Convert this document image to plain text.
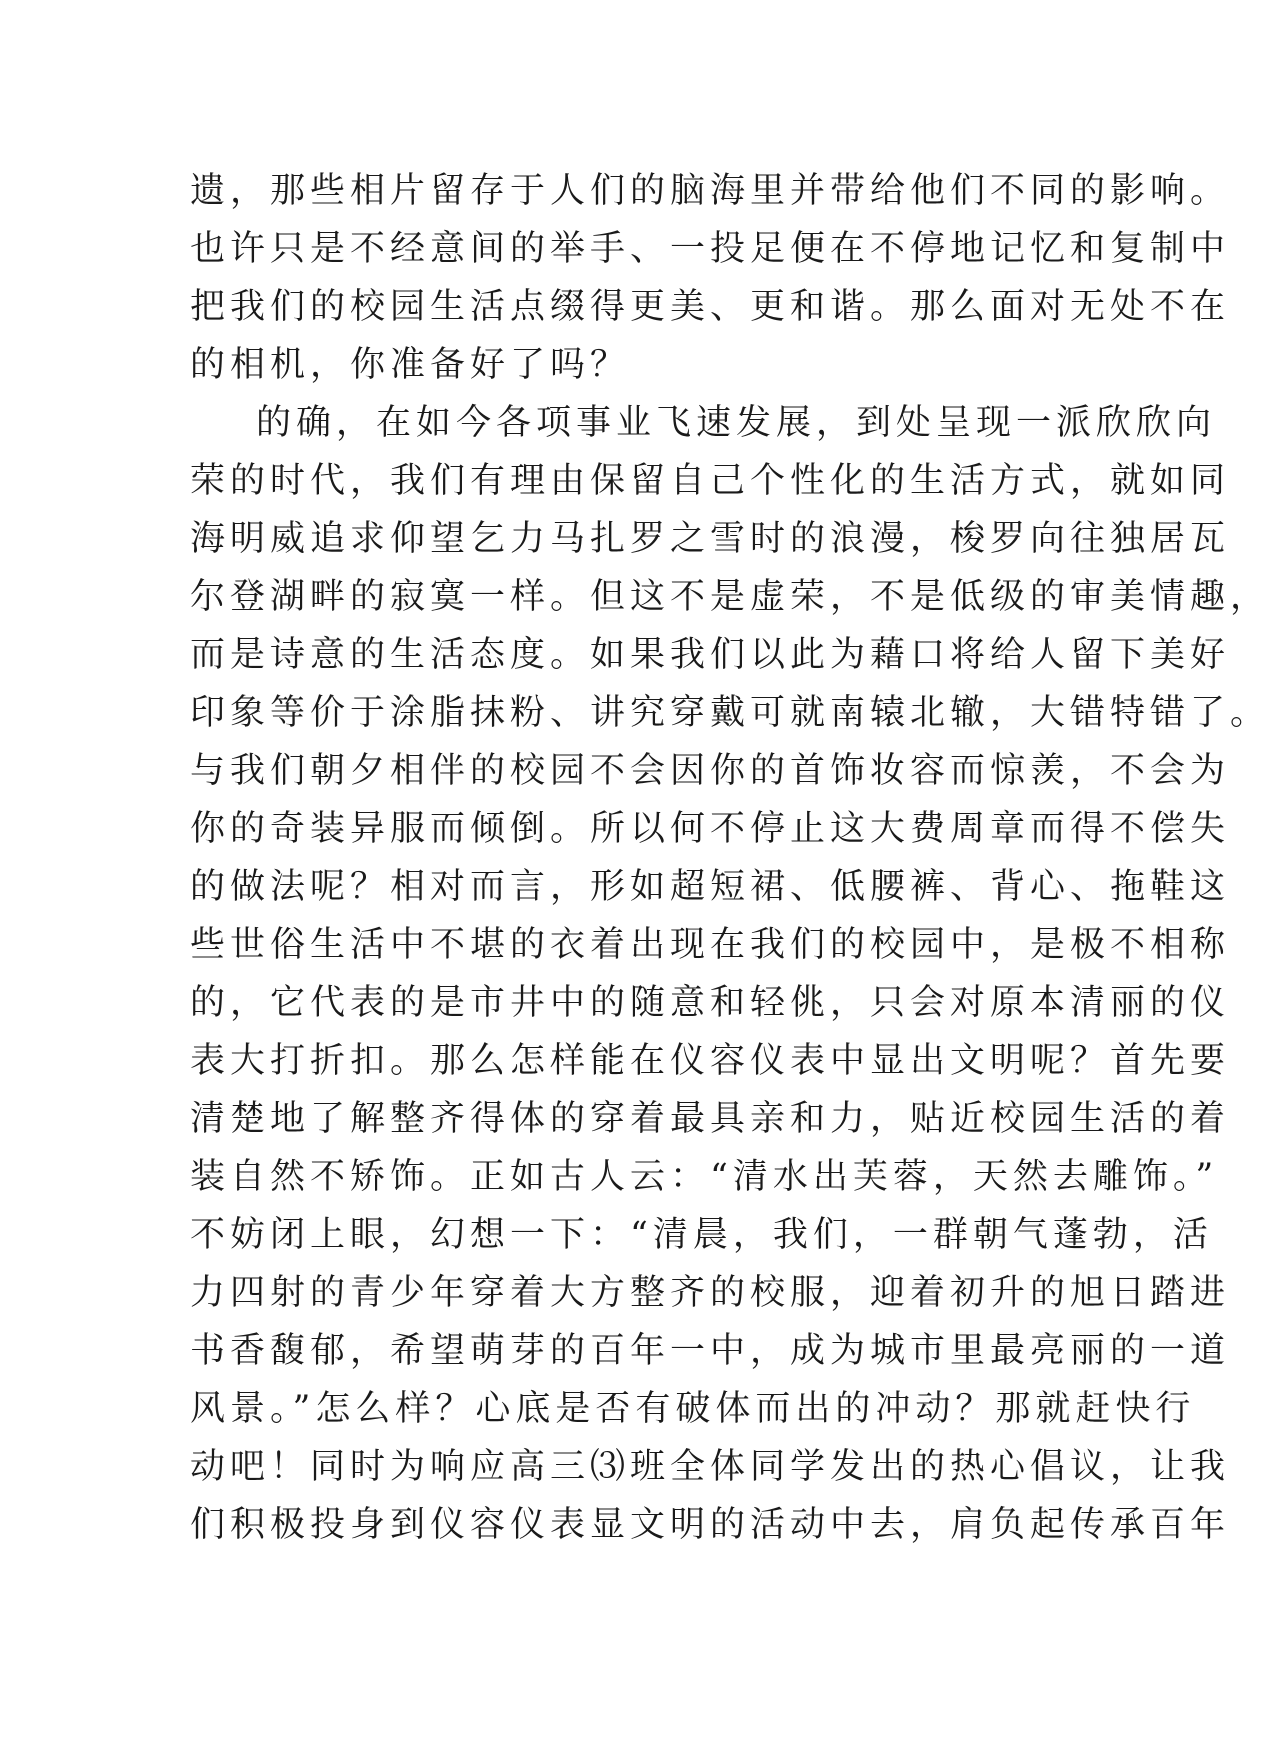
遗，那些相片留存于人们的脑海里并带给他们不同的影响。
也许只是不经意间的举手、一投足便在不停地记忆和复制中
把我们的校园生活点缀得更美、更和谐。那么面对无处不在
的相机，你准备好了吗？
的确，在如今各项事业飞速发展，到处呈现一派欣欣向
荣的时代，我们有理由保留自己个性化的生活方式，就如同
海明威追求仰望乞力马扎罗之雪时的浪漫，梭罗向往独居瓦
尔登湖畔的寂寞一样。但这不是虚荣，不是低级的审美情趣，
而是诗意的生活态度。如果我们以此为藉口将给人留下美好
印象等价于涂脂抹粉、讲究穿戴可就南辕北辙，大错特错了。
与我们朝夕相伴的校园不会因你的首饰妆容而惊羡，不会为
你的奇装异服而倾倒。所以何不停止这大费周章而得不偿失
的做法呢？相对而言，形如超短裙、低腰裤、背心、拖鞋这
些世俗生活中不堪的衣着出现在我们的校园中，是极不相称
的，它代表的是市井中的随意和轻佻，只会对原本清丽的仪
表大打折扣。那么怎样能在仪容仪表中显出文明呢？首先要
清楚地了解整齐得体的穿着最具亲和力，贴近校园生活的着
装自然不矫饰。正如古人云：“清水出芙蓉，天然去雕饰。”
不妨闭上眼，幻想一下：“清晨，我们，一群朝气蓬勃，活
力四射的青少年穿着大方整齐的校服，迎着初升的旭日踏进
书香馥郁，希望萌芽的百年一中，成为城市里最亮丽的一道
风景。”怎么样？心底是否有破体而出的冲动？那就赶快行
动吧！同时为响应高三⑶班全体同学发出的热心倡议，让我
们积极投身到仪容仪表显文明的活动中去，肩负起传承百年
